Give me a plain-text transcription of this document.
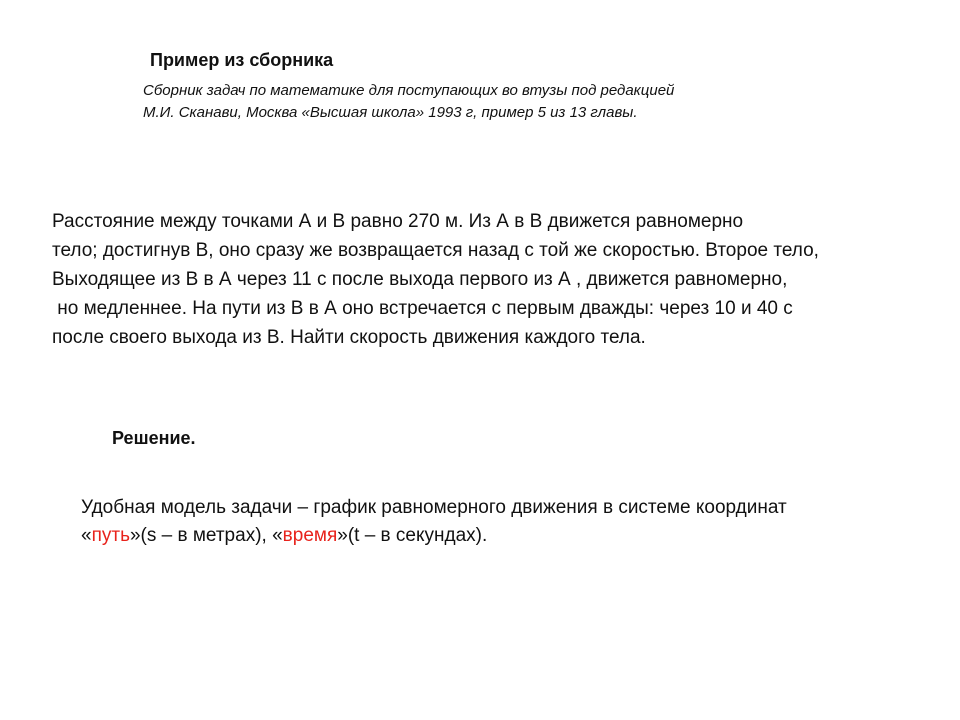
Пример из сборника
Сборник задач по математике для поступающих во втузы под редакцией
М.И. Сканави, Москва «Высшая школа» 1993 г, пример 5 из 13 главы.
Расстояние между точками А и В равно 270 м. Из А в В движется равномерно
тело; достигнув В, оно сразу же возвращается назад с той же скоростью. Второе тело,
Выходящее из В в А через 11 с после выхода первого из А , движется равномерно,
но медленнее. На пути из В в А оно встречается с первым дважды: через 10 и 40 с
после своего выхода из В. Найти скорость движения каждого тела.
Решение.
Удобная модель задачи – график равномерного движения в системе координат
«путь»(s – в метрах), «время»(t – в секундах).
